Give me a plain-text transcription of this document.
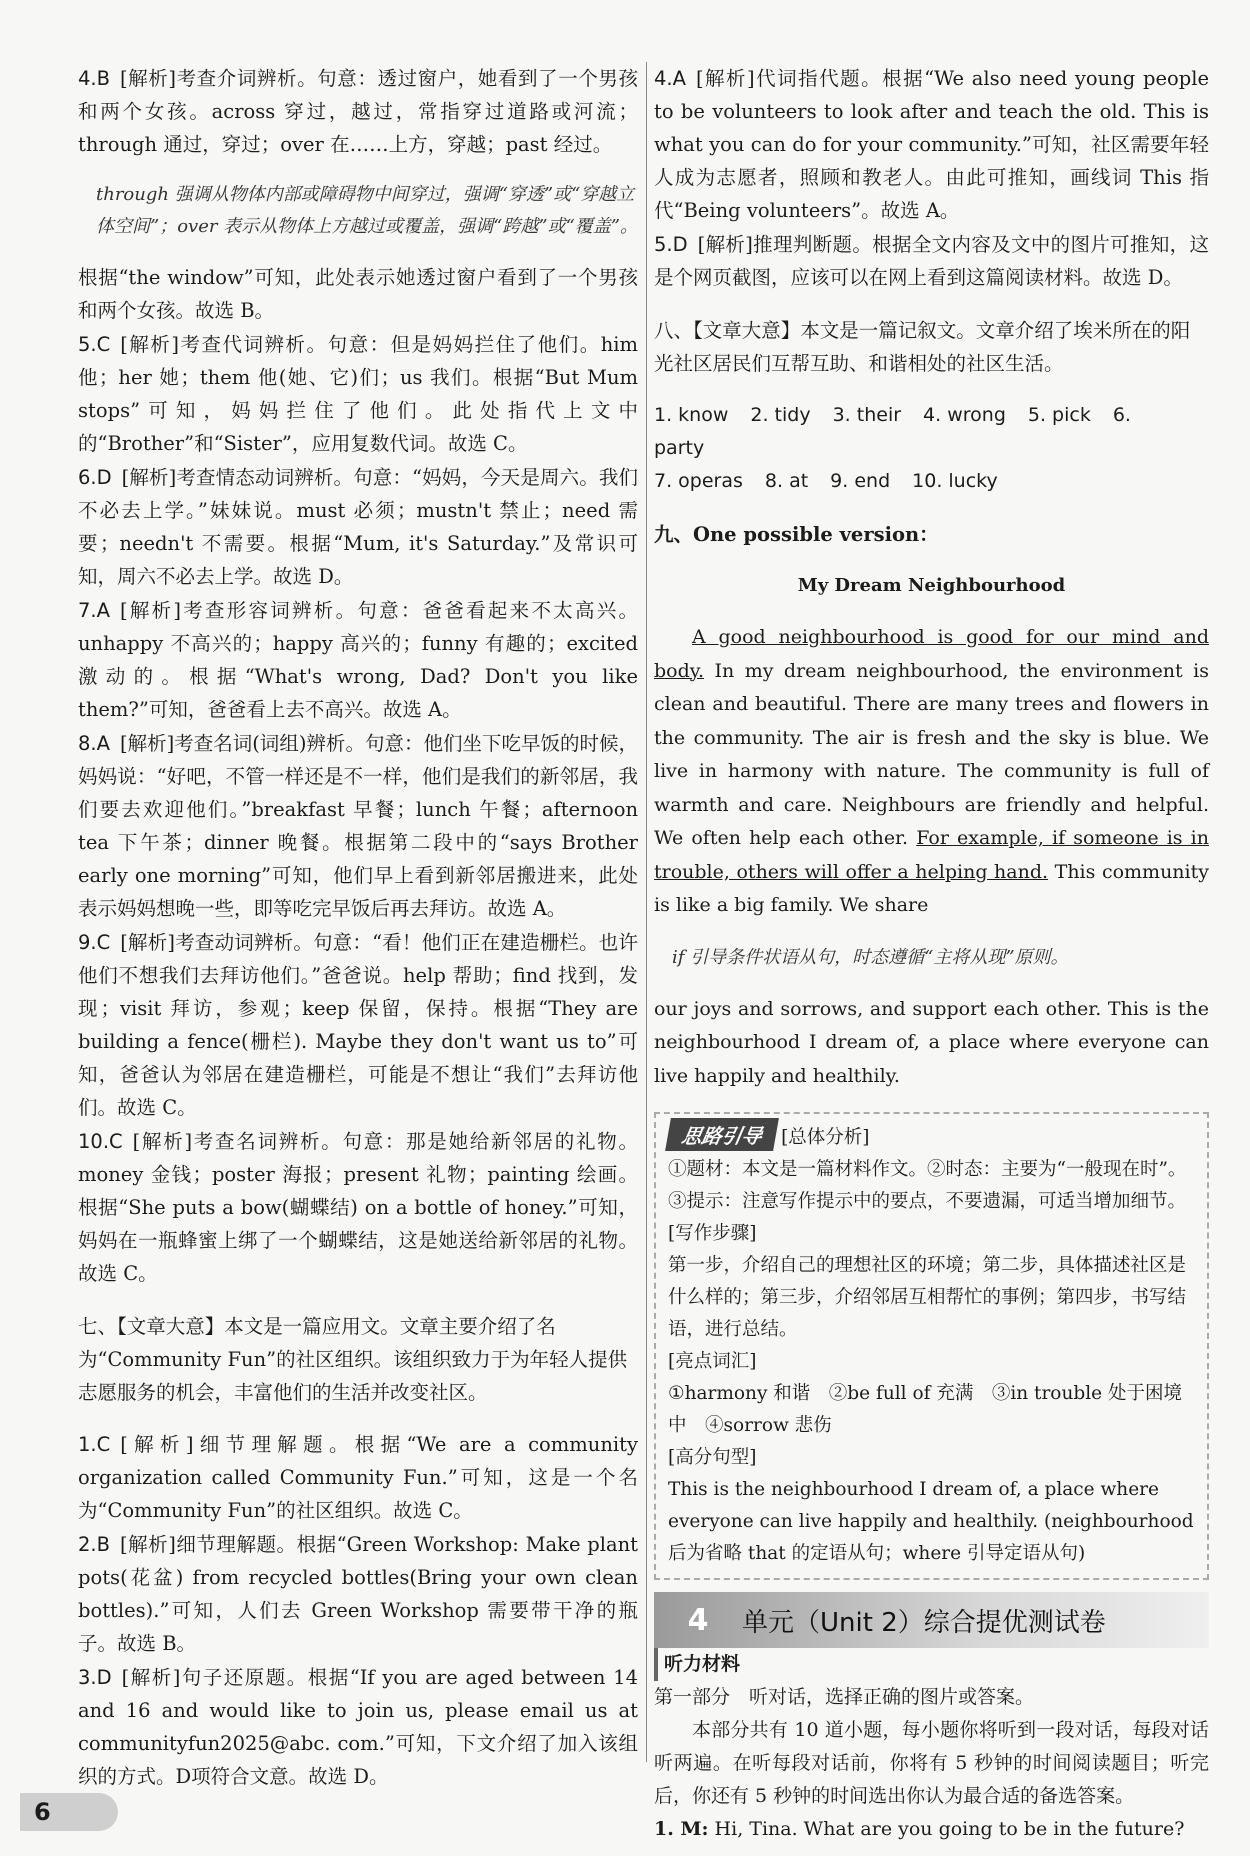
4.B [解析]考查介词辨析。句意：透过窗户，她看到了一个男孩和两个女孩。across 穿过，越过，常指穿过道路或河流；through 通过，穿过；over 在……上方，穿越；past 经过。

through 强调从物体内部或障碍物中间穿过，强调“穿透”或“穿越立体空间”；over 表示从物体上方越过或覆盖，强调“跨越”或“覆盖”。

根据“the window”可知，此处表示她透过窗户看到了一个男孩和两个女孩。故选 B。

5.C [解析]考查代词辨析。句意：但是妈妈拦住了他们。him 他；her 她；them 他(她、它)们；us 我们。根据“But Mum stops”可知，妈妈拦住了他们。此处指代上文中的“Brother”和“Sister”，应用复数代词。故选 C。

6.D [解析]考查情态动词辨析。句意：“妈妈，今天是周六。我们不必去上学。”妹妹说。must 必须；mustn't 禁止；need 需要；needn't 不需要。根据“Mum, it's Saturday.”及常识可知，周六不必去上学。故选 D。

7.A [解析]考查形容词辨析。句意：爸爸看起来不太高兴。unhappy 不高兴的；happy 高兴的；funny 有趣的；excited 激动的。根据“What's wrong, Dad? Don't you like them?”可知，爸爸看上去不高兴。故选 A。

8.A [解析]考查名词(词组)辨析。句意：他们坐下吃早饭的时候，妈妈说：“好吧，不管一样还是不一样，他们是我们的新邻居，我们要去欢迎他们。”breakfast 早餐；lunch 午餐；afternoon tea 下午茶；dinner 晚餐。根据第二段中的“says Brother early one morning”可知，他们早上看到新邻居搬进来，此处表示妈妈想晚一些，即等吃完早饭后再去拜访。故选 A。

9.C [解析]考查动词辨析。句意：“看！他们正在建造栅栏。也许他们不想我们去拜访他们。”爸爸说。help 帮助；find 找到，发现；visit 拜访，参观；keep 保留，保持。根据“They are building a fence(栅栏). Maybe they don't want us to”可知，爸爸认为邻居在建造栅栏，可能是不想让“我们”去拜访他们。故选 C。

10.C [解析]考查名词辨析。句意：那是她给新邻居的礼物。money 金钱；poster 海报；present 礼物；painting 绘画。根据“She puts a bow(蝴蝶结) on a bottle of honey.”可知，妈妈在一瓶蜂蜜上绑了一个蝴蝶结，这是她送给新邻居的礼物。故选 C。

七、【文章大意】本文是一篇应用文。文章主要介绍了名为“Community Fun”的社区组织。该组织致力于为年轻人提供志愿服务的机会，丰富他们的生活并改变社区。

1.C [解析]细节理解题。根据“We are a community organization called Community Fun.”可知，这是一个名为“Community Fun”的社区组织。故选 C。

2.B [解析]细节理解题。根据“Green Workshop: Make plant pots(花盆) from recycled bottles(Bring your own clean bottles).”可知，人们去 Green Workshop 需要带干净的瓶子。故选 B。

3.D [解析]句子还原题。根据“If you are aged between 14 and 16 and would like to join us, please email us at communityfun2025@abc. com.”可知，下文介绍了加入该组织的方式。D项符合文意。故选 D。

4.A [解析]代词指代题。根据“We also need young people to be volunteers to look after and teach the old. This is what you can do for your community.”可知，社区需要年轻人成为志愿者，照顾和教老人。由此可推知，画线词 This 指代“Being volunteers”。故选 A。

5.D [解析]推理判断题。根据全文内容及文中的图片可推知，这是个网页截图，应该可以在网上看到这篇阅读材料。故选 D。

八、【文章大意】本文是一篇记叙文。文章介绍了埃米所在的阳光社区居民们互帮互助、和谐相处的社区生活。

1. know 2. tidy 3. their 4. wrong 5. pick 6. party
7. operas 8. at 9. end 10. lucky

九、One possible version：

My Dream Neighbourhood

A good neighbourhood is good for our mind and body. In my dream neighbourhood, the environment is clean and beautiful. There are many trees and flowers in the community. The air is fresh and the sky is blue. We live in harmony with nature. The community is full of warmth and care. Neighbours are friendly and helpful. We often help each other. For example, if someone is in trouble, others will offer a helping hand. This community is like a big family. We share

if 引导条件状语从句，时态遵循“主将从现”原则。

our joys and sorrows, and support each other. This is the neighbourhood I dream of, a place where everyone can live happily and healthily.

思路引导 [总体分析]
①题材：本文是一篇材料作文。②时态：主要为“一般现在时”。③提示：注意写作提示中的要点，不要遗漏，可适当增加细节。
[写作步骤]
第一步，介绍自己的理想社区的环境；第二步，具体描述社区是什么样的；第三步，介绍邻居互相帮忙的事例；第四步，书写结语，进行总结。
[亮点词汇]
①harmony 和谐　②be full of 充满　③in trouble 处于困境中　④sorrow 悲伤
[高分句型]
This is the neighbourhood I dream of, a place where everyone can live happily and healthily. (neighbourhood 后为省略 that 的定语从句；where 引导定语从句)
4	单元（Unit 2）综合提优测试卷
听力材料
第一部分　听对话，选择正确的图片或答案。
本部分共有 10 道小题，每小题你将听到一段对话，每段对话听两遍。在听每段对话前，你将有 5 秒钟的时间阅读题目；听完后，你还有 5 秒钟的时间选出你认为最合适的备选答案。
1. M: Hi, Tina. What are you going to be in the future?
6
